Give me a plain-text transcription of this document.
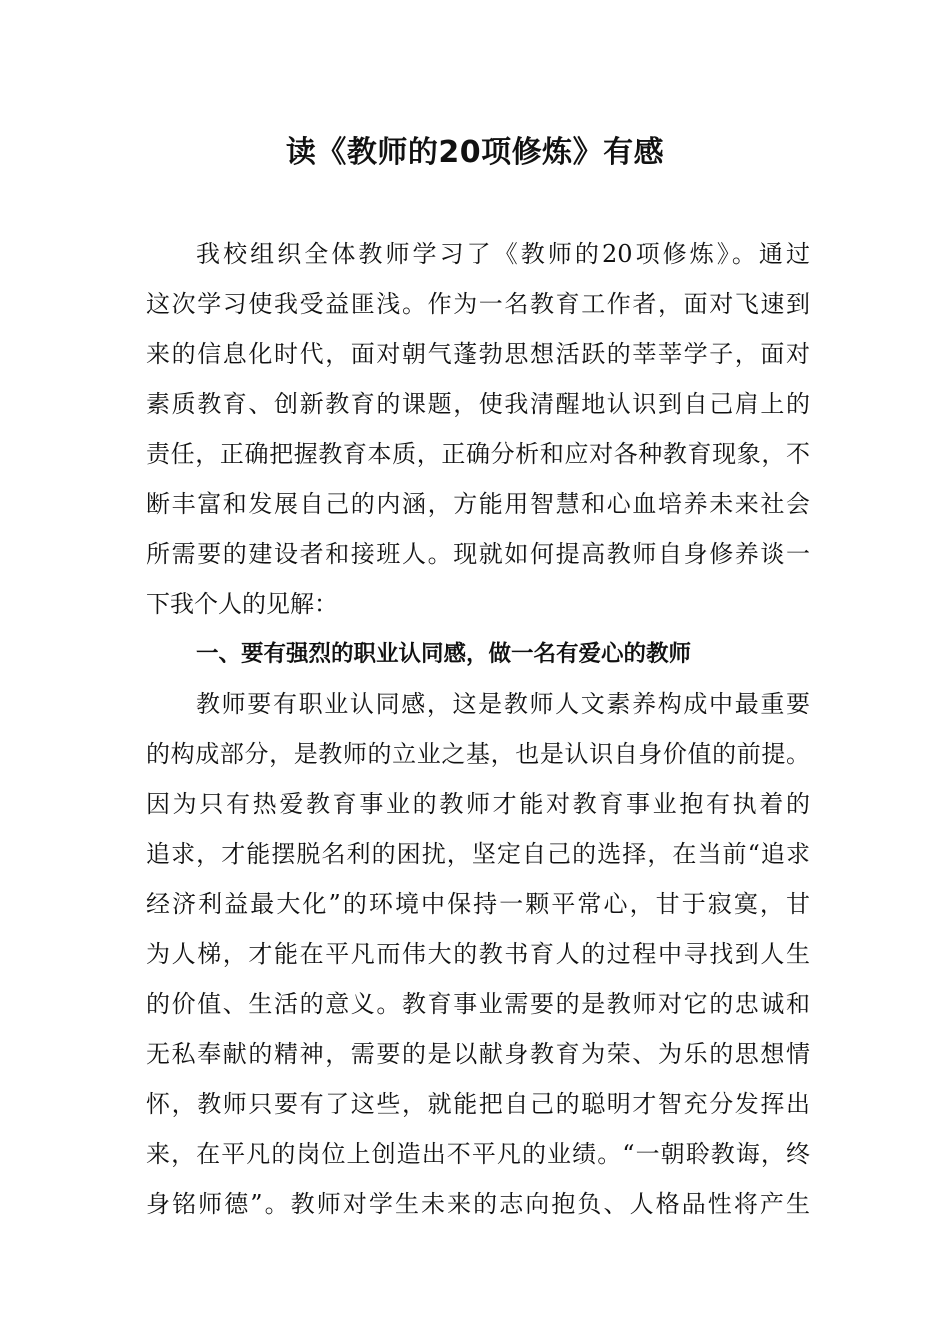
读《教师的20项修炼》有感
我校组织全体教师学习了《教师的20项修炼》。通过
这次学习使我受益匪浅。作为一名教育工作者，面对飞速到
来的信息化时代，面对朝气蓬勃思想活跃的莘莘学子，面对
素质教育、创新教育的课题，使我清醒地认识到自己肩上的
责任，正确把握教育本质，正确分析和应对各种教育现象，不
断丰富和发展自己的内涵，方能用智慧和心血培养未来社会
所需要的建设者和接班人。现就如何提高教师自身修养谈一
下我个人的见解：
一、要有强烈的职业认同感，做一名有爱心的教师
教师要有职业认同感，这是教师人文素养构成中最重要
的构成部分，是教师的立业之基，也是认识自身价值的前提。
因为只有热爱教育事业的教师才能对教育事业抱有执着的
追求，才能摆脱名利的困扰，坚定自己的选择，在当前“追求
经济利益最大化”的环境中保持一颗平常心，甘于寂寞，甘
为人梯，才能在平凡而伟大的教书育人的过程中寻找到人生
的价值、生活的意义。教育事业需要的是教师对它的忠诚和
无私奉献的精神，需要的是以献身教育为荣、为乐的思想情
怀，教师只要有了这些，就能把自己的聪明才智充分发挥出
来，在平凡的岗位上创造出不平凡的业绩。“一朝聆教诲，终
身铭师德”。教师对学生未来的志向抱负、人格品性将产生
